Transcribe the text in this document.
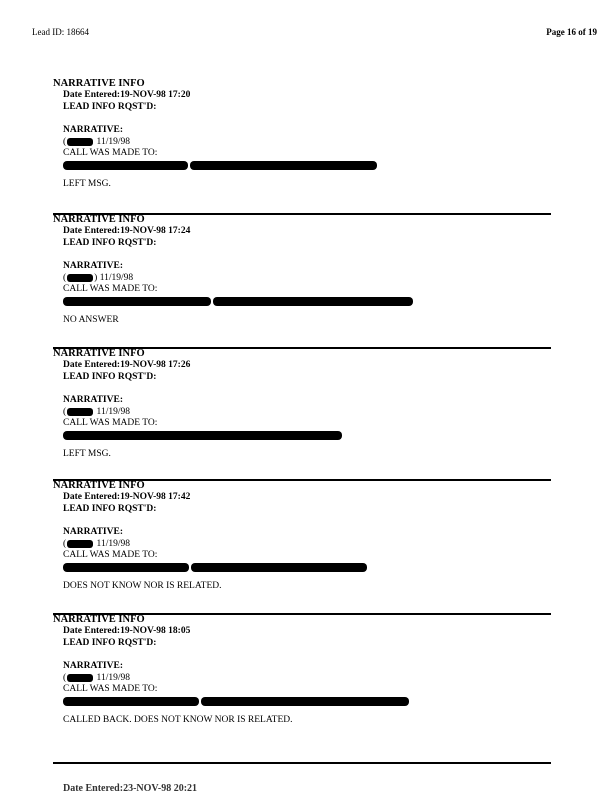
Lead ID: 18664	Page 16 of 19
NARRATIVE INFO
Date Entered:19-NOV-98 17:20
LEAD INFO RQST'D:
NARRATIVE:
(
	11/19/98
CALL WAS MADE TO:

LEFT MSG.
NARRATIVE INFO
Date Entered:19-NOV-98 17:24
LEAD INFO RQST'D:
NARRATIVE:
(	) 11/19/98
CALL WAS MADE TO:

NO ANSWER
NARRATIVE INFO
Date Entered:19-NOV-98 17:26
LEAD INFO RQST'D:
NARRATIVE:
(
	11/19/98
CALL WAS MADE TO:

LEFT MSG.
NARRATIVE INFO
Date Entered:19-NOV-98 17:42
LEAD INFO RQST'D:
NARRATIVE:
(
	11/19/98
CALL WAS MADE TO:

DOES NOT KNOW NOR IS RELATED.
NARRATIVE INFO
Date Entered:19-NOV-98 18:05
LEAD INFO RQST'D:
NARRATIVE:
(
	11/19/98
CALL WAS MADE TO:

CALLED BACK. DOES NOT KNOW NOR IS RELATED.
Date Entered:23-NOV-98 20:21
